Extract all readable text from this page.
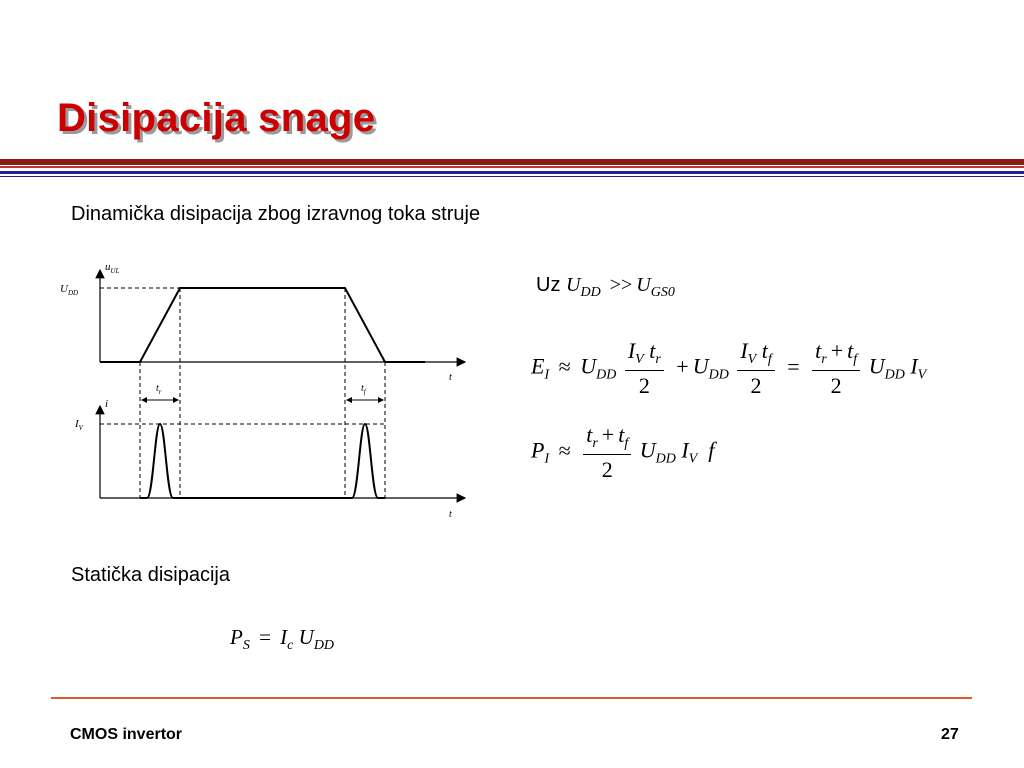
Disipacija snage
Dinamička disipacija zbog izravnog toka struje
$u_{UL}$
$U_{DD}$
t
$t_r$	$t_f$
i
$I_V$
t
Uz $U_{DD} >> U_{GS0}$
$E_I \approx U_{DD} \frac{I_V t_r}{2} + U_{DD} \frac{I_V t_f}{2} = \frac{t_r + t_f}{2} U_{DD}$ $I_V$
$P_I \approx \frac{t_r + t_f}{2} U_{DD}$ $I_V$ f
Statička disipacija
$P_S = I_c$ $U_{DD}$
CMOS invertor	27
